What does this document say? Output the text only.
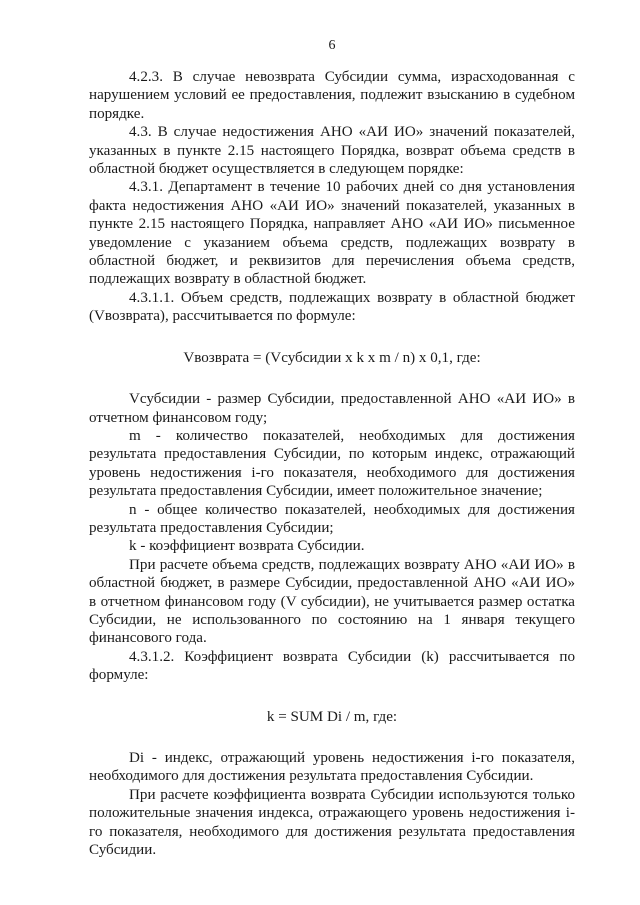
6

4.2.3. В случае невозврата Субсидии сумма, израсходованная с нарушением условий ее предоставления, подлежит взысканию в судебном порядке.

4.3. В случае недостижения АНО «АИ ИО» значений показателей, указанных в пункте 2.15 настоящего Порядка, возврат объема средств в областной бюджет осуществляется в следующем порядке:

4.3.1. Департамент в течение 10 рабочих дней со дня установления факта недостижения АНО «АИ ИО» значений показателей, указанных в пункте 2.15 настоящего Порядка, направляет АНО «АИ ИО» письменное уведомление с указанием объема средств, подлежащих возврату в областной бюджет, и реквизитов для перечисления объема средств, подлежащих возврату в областной бюджет.

4.3.1.1. Объем средств, подлежащих возврату в областной бюджет (Vвозврата), рассчитывается по формуле:

Vвозврата = (Vсубсидии x k x m / n) x 0,1, где:

Vсубсидии - размер Субсидии, предоставленной АНО «АИ ИО» в отчетном финансовом году;

m - количество показателей, необходимых для достижения результата предоставления Субсидии, по которым индекс, отражающий уровень недостижения i-го показателя, необходимого для достижения результата предоставления Субсидии, имеет положительное значение;

n - общее количество показателей, необходимых для достижения результата предоставления Субсидии;

k - коэффициент возврата Субсидии.

При расчете объема средств, подлежащих возврату АНО «АИ ИО» в областной бюджет, в размере Субсидии, предоставленной АНО «АИ ИО» в отчетном финансовом году (V субсидии), не учитывается размер остатка Субсидии, не использованного по состоянию на 1 января текущего финансового года.

4.3.1.2. Коэффициент возврата Субсидии (k) рассчитывается по формуле:

k = SUM Di / m, где:

Di - индекс, отражающий уровень недостижения i-го показателя, необходимого для достижения результата предоставления Субсидии.

При расчете коэффициента возврата Субсидии используются только положительные значения индекса, отражающего уровень недостижения i-го показателя, необходимого для достижения результата предоставления Субсидии.
